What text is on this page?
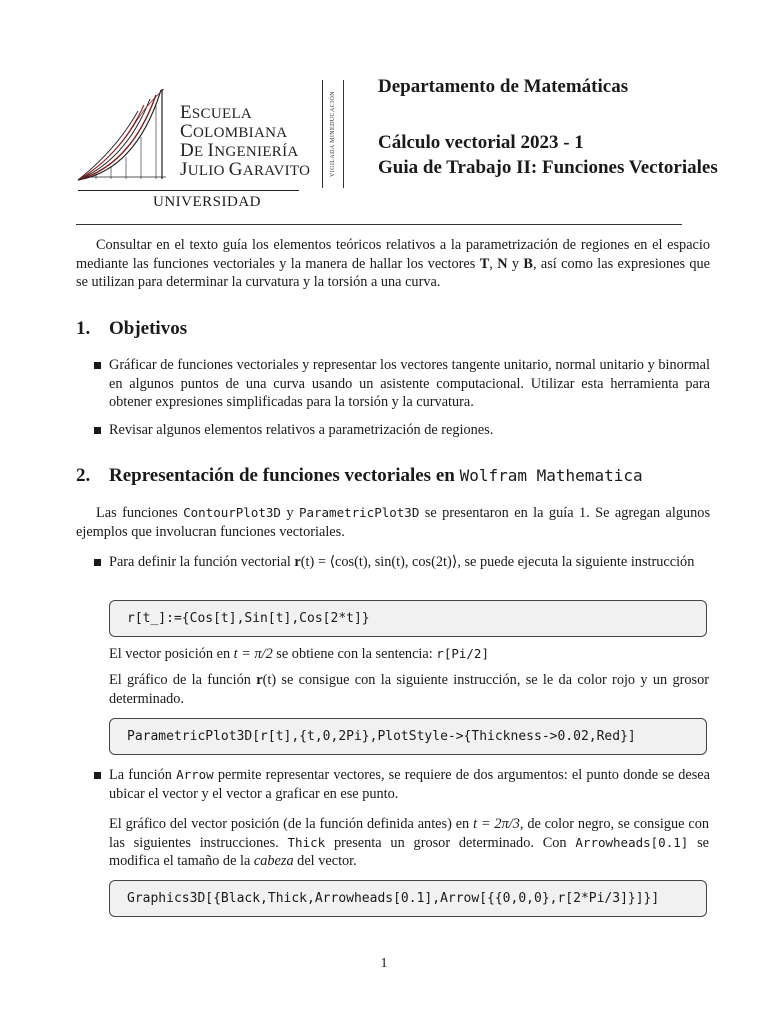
ESCUELA
COLOMBIANA
DE INGENIERÍA
JULIO GARAVITO
UNIVERSIDAD
VIGILADA MINEDUCACIÓN
Departamento de Matemáticas
Cálculo vectorial 2023 - 1
Guia de Trabajo II: Funciones Vectoriales
Consultar en el texto guía los elementos teóricos relativos a la parametrización de regiones en el espacio mediante las funciones vectoriales y la manera de hallar los vectores T, N y B, así como las expresiones que se utilizan para determinar la curvatura y la torsión a una curva.
1. Objetivos
Gráficar de funciones vectoriales y representar los vectores tangente unitario, normal unitario y binormal en algunos puntos de una curva usando un asistente computacional. Utilizar esta herramienta para obtener expresiones simplificadas para la torsión y la curvatura.
Revisar algunos elementos relativos a parametrización de regiones.
2. Representación de funciones vectoriales en Wolfram Mathematica
Las funciones ContourPlot3D y ParametricPlot3D se presentaron en la guía 1. Se agregan algunos ejemplos que involucran funciones vectoriales.
Para definir la función vectorial r(t) = ⟨cos(t), sin(t), cos(2t)⟩, se puede ejecuta la siguiente instrucción
r[t_]:={Cos[t],Sin[t],Cos[2*t]}
El vector posición en t = π/2 se obtiene con la sentencia: r[Pi/2]
El gráfico de la función r(t) se consigue con la siguiente instrucción, se le da color rojo y un grosor determinado.
ParametricPlot3D[r[t],{t,0,2Pi},PlotStyle->{Thickness->0.02,Red}]
La función Arrow permite representar vectores, se requiere de dos argumentos: el punto donde se desea ubicar el vector y el vector a graficar en ese punto.
El gráfico del vector posición (de la función definida antes) en t = 2π/3, de color negro, se consigue con las siguientes instrucciones. Thick presenta un grosor determinado. Con Arrowheads[0.1] se modifica el tamaño de la cabeza del vector.
Graphics3D[{Black,Thick,Arrowheads[0.1],Arrow[{{0,0,0},r[2*Pi/3]}]}]
1
